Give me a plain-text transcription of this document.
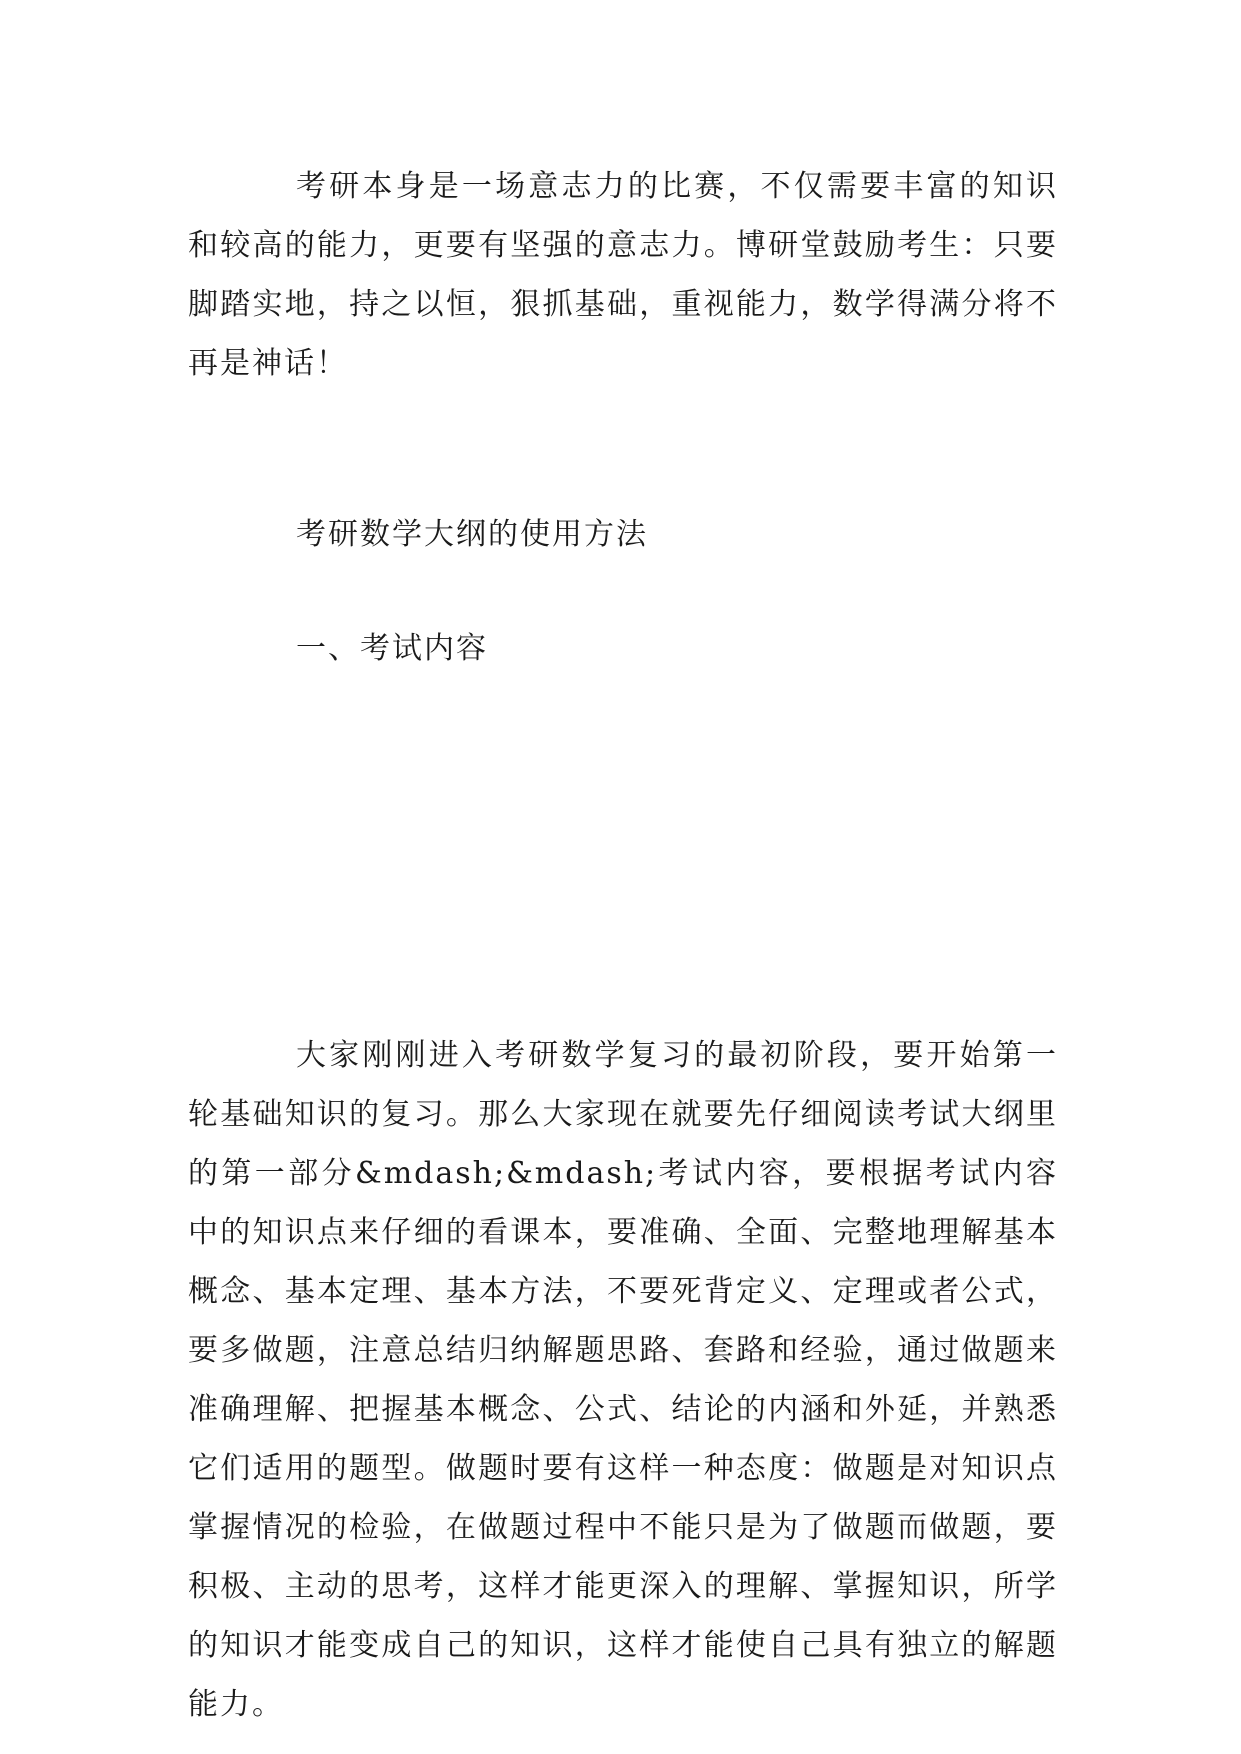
考研本身是一场意志力的比赛，不仅需要丰富的知识和较高的能力，更要有坚强的意志力。博研堂鼓励考生：只要脚踏实地，持之以恒，狠抓基础，重视能力，数学得满分将不再是神话！

考研数学大纲的使用方法
一、考试内容

大家刚刚进入考研数学复习的最初阶段，要开始第一轮基础知识的复习。那么大家现在就要先仔细阅读考试大纲里的第一部分&mdash;&mdash;考试内容，要根据考试内容中的知识点来仔细的看课本，要准确、全面、完整地理解基本概念、基本定理、基本方法，不要死背定义、定理或者公式，要多做题，注意总结归纳解题思路、套路和经验，通过做题来准确理解、把握基本概念、公式、结论的内涵和外延，并熟悉它们适用的题型。做题时要有这样一种态度：做题是对知识点掌握情况的检验，在做题过程中不能只是为了做题而做题，要积极、主动的思考，这样才能更深入的理解、掌握知识，所学的知识才能变成自己的知识，这样才能使自己具有独立的解题能力。
